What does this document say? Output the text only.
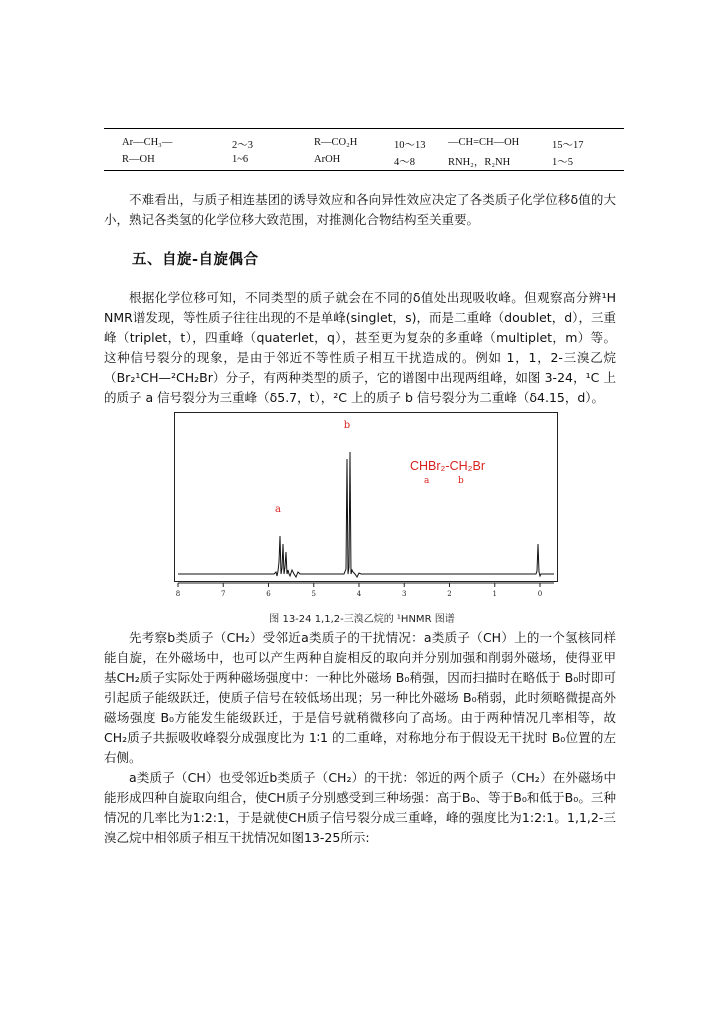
Ar—CH₃—	2～3	R—CO₂H	10～13 —CH=CH—OH	15～17
R—OH	1~6	ArOH	4～8	RNH₂，R₂NH	1～5

不难看出，与质子相连基团的诱导效应和各向异性效应决定了各类质子化学位移δ值的大小，熟记各类氢的化学位移大致范围，对推测化合物结构至关重要。

五、自旋-自旋偶合

根据化学位移可知，不同类型的质子就会在不同的δ值处出现吸收峰。但观察高分辨¹H NMR谱发现，等性质子往往出现的不是单峰(singlet，s)，而是二重峰（doublet，d），三重峰（triplet，t），四重峰（quaterlet，q），甚至更为复杂的多重峰（multiplet，m）等。这种信号裂分的现象，是由于邻近不等性质子相互干扰造成的。例如 1，1，2-三溴乙烷（Br₂¹CH—²CH₂Br）分子，有两种类型的质子，它的谱图中出现两组峰，如图 3-24，¹C 上的质子 a 信号裂分为三重峰（δ5.7，t），²C 上的质子 b 信号裂分为二重峰（δ4.15，d）。

8	7	6	5	4	3	2	1	0
b
a
CHBr₂-CH₂Br
a	b
图 13-24 1,1,2-三溴乙烷的 ¹HNMR 图谱

先考察b类质子（CH₂）受邻近a类质子的干扰情况：a类质子（CH）上的一个氢核同样能自旋，在外磁场中，也可以产生两种自旋相反的取向并分别加强和削弱外磁场，使得亚甲基CH₂质子实际处于两种磁场强度中：一种比外磁场 B₀稍强，因而扫描时在略低于 B₀时即可引起质子能级跃迁，使质子信号在较低场出现；另一种比外磁场 B₀稍弱，此时须略微提高外磁场强度 B₀方能发生能级跃迁，于是信号就稍微移向了高场。由于两种情况几率相等，故CH₂质子共振吸收峰裂分成强度比为 1∶1 的二重峰，对称地分布于假设无干扰时 B₀位置的左右侧。

a类质子（CH）也受邻近b类质子（CH₂）的干扰：邻近的两个质子（CH₂）在外磁场中能形成四种自旋取向组合，使CH质子分别感受到三种场强：高于B₀、等于B₀和低于B₀。三种情况的几率比为1:2:1，于是就使CH质子信号裂分成三重峰，峰的强度比为1:2:1。1,1,2-三溴乙烷中相邻质子相互干扰情况如图13-25所示:
